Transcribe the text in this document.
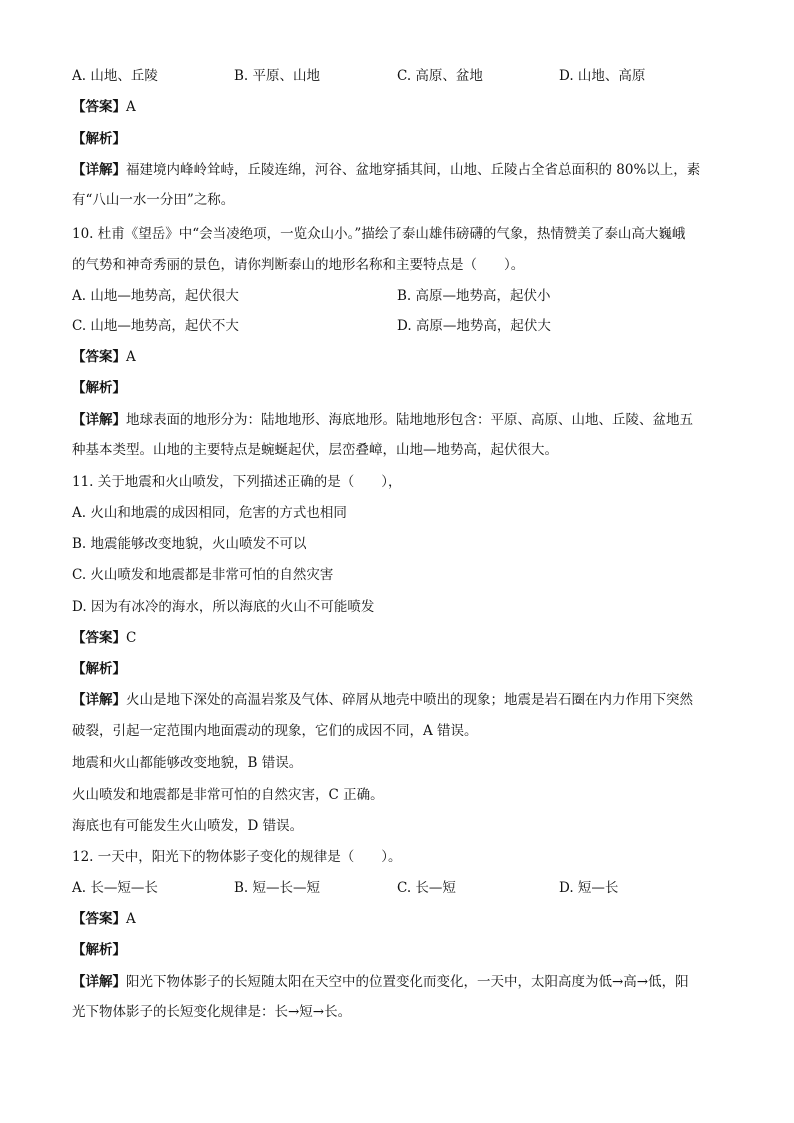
A. 山地、丘陵	B. 平原、山地	C. 高原、盆地	D. 山地、高原
【答案】A
【解析】
【详解】福建境内峰岭耸峙，丘陵连绵，河谷、盆地穿插其间，山地、丘陵占全省总面积的 80%以上，素
有“八山一水一分田”之称。
10. 杜甫《望岳》中“会当凌绝项，一览众山小。”描绘了泰山雄伟磅礴的气象，热情赞美了泰山高大巍峨
的气势和神奇秀丽的景色，请你判断泰山的地形名称和主要特点是（　　）。
A. 山地—地势高，起伏很大	B. 高原—地势高，起伏小
C. 山地—地势高，起伏不大	D. 高原—地势高，起伏大
【答案】A
【解析】
【详解】地球表面的地形分为：陆地地形、海底地形。陆地地形包含：平原、高原、山地、丘陵、盆地五
种基本类型。山地的主要特点是蜿蜒起伏，层峦叠嶂，山地—地势高，起伏很大。
11. 关于地震和火山喷发，下列描述正确的是（　　），
A. 火山和地震的成因相同，危害的方式也相同
B. 地震能够改变地貌，火山喷发不可以
C. 火山喷发和地震都是非常可怕的自然灾害
D. 因为有冰冷的海水，所以海底的火山不可能喷发
【答案】C
【解析】
【详解】火山是地下深处的高温岩浆及气体、碎屑从地壳中喷出的现象；地震是岩石圈在内力作用下突然
破裂，引起一定范围内地面震动的现象，它们的成因不同，A 错误。
地震和火山都能够改变地貌，B 错误。
火山喷发和地震都是非常可怕的自然灾害，C 正确。
海底也有可能发生火山喷发，D 错误。
12. 一天中，阳光下的物体影子变化的规律是（　　）。
A. 长—短—长	B. 短—长—短	C. 长—短	D. 短—长
【答案】A
【解析】
【详解】阳光下物体影子的长短随太阳在天空中的位置变化而变化，一天中，太阳高度为低→高→低，阳
光下物体影子的长短变化规律是：长→短→长。
